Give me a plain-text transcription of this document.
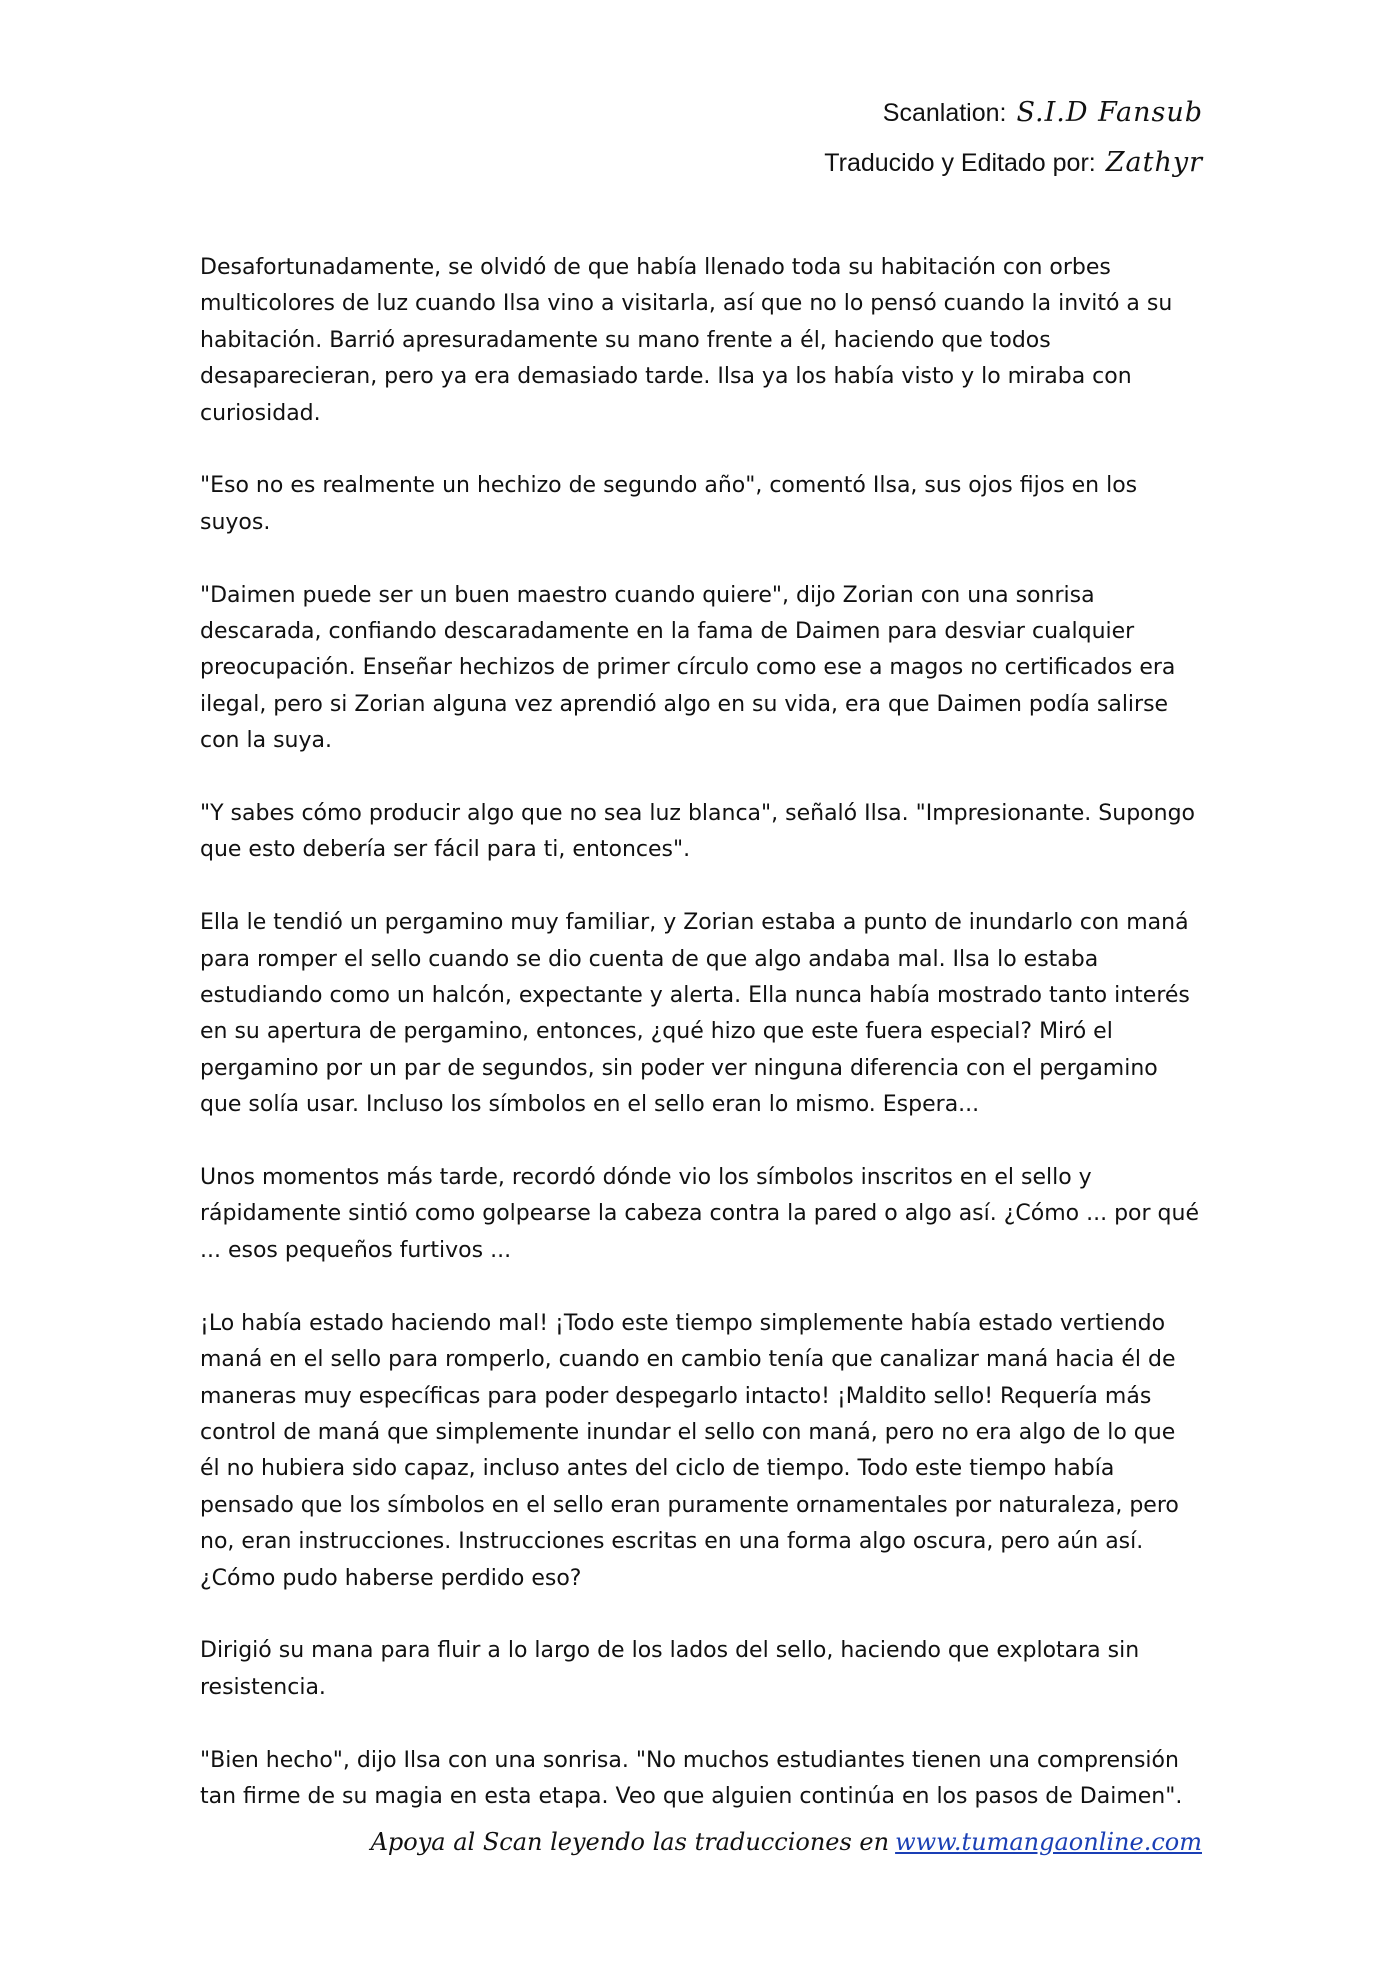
Scanlation: S.I.D Fansub
Traducido y Editado por: Zathyr

Desafortunadamente, se olvidó de que había llenado toda su habitación con orbes multicolores de luz cuando Ilsa vino a visitarla, así que no lo pensó cuando la invitó a su habitación. Barrió apresuradamente su mano frente a él, haciendo que todos desaparecieran, pero ya era demasiado tarde. Ilsa ya los había visto y lo miraba con curiosidad.

"Eso no es realmente un hechizo de segundo año", comentó Ilsa, sus ojos fijos en los suyos.

"Daimen puede ser un buen maestro cuando quiere", dijo Zorian con una sonrisa descarada, confiando descaradamente en la fama de Daimen para desviar cualquier preocupación. Enseñar hechizos de primer círculo como ese a magos no certificados era ilegal, pero si Zorian alguna vez aprendió algo en su vida, era que Daimen podía salirse con la suya.

"Y sabes cómo producir algo que no sea luz blanca", señaló Ilsa. "Impresionante. Supongo que esto debería ser fácil para ti, entonces".

Ella le tendió un pergamino muy familiar, y Zorian estaba a punto de inundarlo con maná para romper el sello cuando se dio cuenta de que algo andaba mal. Ilsa lo estaba estudiando como un halcón, expectante y alerta. Ella nunca había mostrado tanto interés en su apertura de pergamino, entonces, ¿qué hizo que este fuera especial? Miró el pergamino por un par de segundos, sin poder ver ninguna diferencia con el pergamino que solía usar. Incluso los símbolos en el sello eran lo mismo. Espera...

Unos momentos más tarde, recordó dónde vio los símbolos inscritos en el sello y rápidamente sintió como golpearse la cabeza contra la pared o algo así. ¿Cómo ... por qué ... esos pequeños furtivos ...

¡Lo había estado haciendo mal! ¡Todo este tiempo simplemente había estado vertiendo maná en el sello para romperlo, cuando en cambio tenía que canalizar maná hacia él de maneras muy específicas para poder despegarlo intacto! ¡Maldito sello! Requería más control de maná que simplemente inundar el sello con maná, pero no era algo de lo que él no hubiera sido capaz, incluso antes del ciclo de tiempo. Todo este tiempo había pensado que los símbolos en el sello eran puramente ornamentales por naturaleza, pero no, eran instrucciones. Instrucciones escritas en una forma algo oscura, pero aún así. ¿Cómo pudo haberse perdido eso?

Dirigió su mana para fluir a lo largo de los lados del sello, haciendo que explotara sin resistencia.

"Bien hecho", dijo Ilsa con una sonrisa. "No muchos estudiantes tienen una comprensión tan firme de su magia en esta etapa. Veo que alguien continúa en los pasos de Daimen".

Apoya al Scan leyendo las traducciones en www.tumangaonline.com
